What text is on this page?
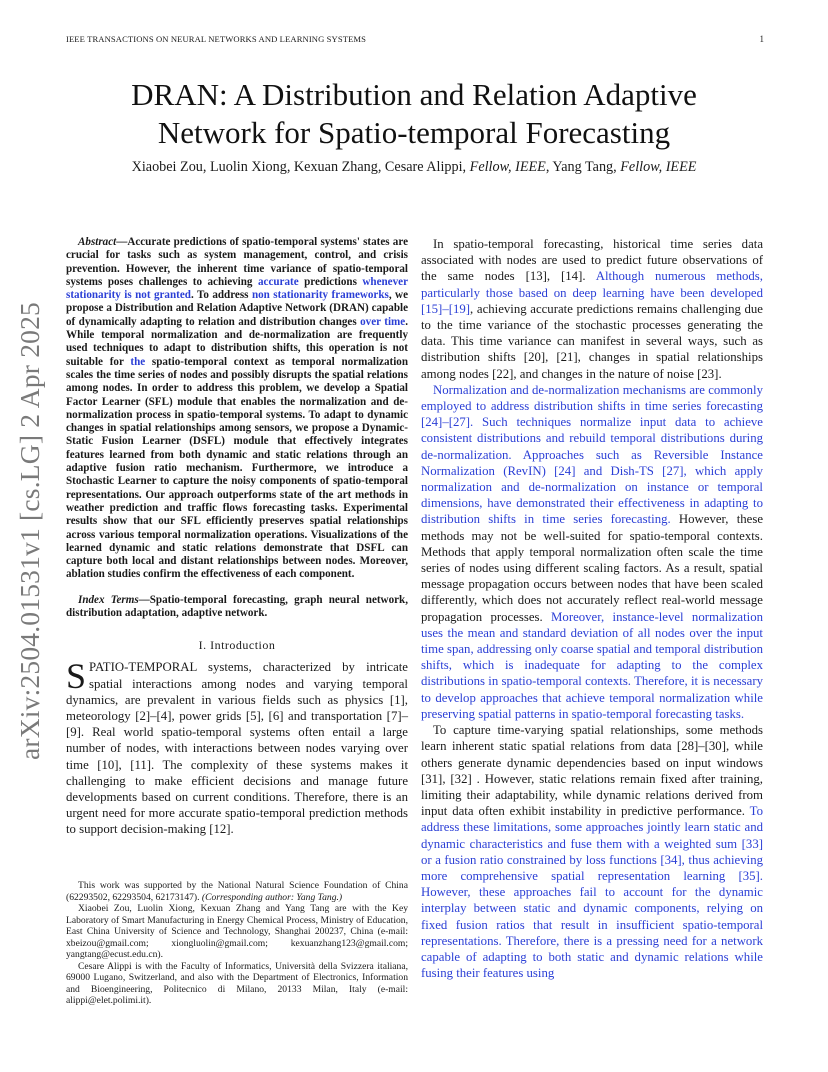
IEEE TRANSACTIONS ON NEURAL NETWORKS AND LEARNING SYSTEMS	1
arXiv:2504.01531v1 [cs.LG] 2 Apr 2025
DRAN: A Distribution and Relation Adaptive
Network for Spatio-temporal Forecasting
Xiaobei Zou, Luolin Xiong, Kexuan Zhang, Cesare Alippi, Fellow, IEEE, Yang Tang, Fellow, IEEE

Abstract—Accurate predictions of spatio-temporal systems' states are crucial for tasks such as system management, control, and crisis prevention. However, the inherent time variance of spatio-temporal systems poses challenges to achieving accurate predictions whenever stationarity is not granted. To address non stationarity frameworks, we propose a Distribution and Relation Adaptive Network (DRAN) capable of dynamically adapting to relation and distribution changes over time. While temporal normalization and de-normalization are frequently used techniques to adapt to distribution shifts, this operation is not suitable for the spatio-temporal context as temporal normalization scales the time series of nodes and possibly disrupts the spatial relations among nodes. In order to address this problem, we develop a Spatial Factor Learner (SFL) module that enables the normalization and de-normalization process in spatio-temporal systems. To adapt to dynamic changes in spatial relationships among sensors, we propose a Dynamic-Static Fusion Learner (DSFL) module that effectively integrates features learned from both dynamic and static relations through an adaptive fusion ratio mechanism. Furthermore, we introduce a Stochastic Learner to capture the noisy components of spatio-temporal representations. Our approach outperforms state of the art methods in weather prediction and traffic flows forecasting tasks. Experimental results show that our SFL efficiently preserves spatial relationships across various temporal normalization operations. Visualizations of the learned dynamic and static relations demonstrate that DSFL can capture both local and distant relationships between nodes. Moreover, ablation studies confirm the effectiveness of each component.

Index Terms—Spatio-temporal forecasting, graph neural network, distribution adaptation, adaptive network.

I. Introduction

SPATIO-TEMPORAL systems, characterized by intricate spatial interactions among nodes and varying temporal dynamics, are prevalent in various fields such as physics [1], meteorology [2]–[4], power grids [5], [6] and transportation [7]–[9]. Real world spatio-temporal systems often entail a large number of nodes, with interactions between nodes varying over time [10], [11]. The complexity of these systems makes it challenging to make efficient decisions and manage future developments based on current conditions. Therefore, there is an urgent need for more accurate spatio-temporal prediction methods to support decision-making [12].

This work was supported by the National Natural Science Foundation of China (62293502, 62293504, 62173147). (Corresponding author: Yang Tang.)

Xiaobei Zou, Luolin Xiong, Kexuan Zhang and Yang Tang are with the Key Laboratory of Smart Manufacturing in Energy Chemical Process, Ministry of Education, East China University of Science and Technology, Shanghai 200237, China (e-mail: xbeizou@gmail.com; xiongluolin@gmail.com; kexuanzhang123@gmail.com; yangtang@ecust.edu.cn).

Cesare Alippi is with the Faculty of Informatics, Università della Svizzera italiana, 69000 Lugano, Switzerland, and also with the Department of Electronics, Information and Bioengineering, Politecnico di Milano, 20133 Milan, Italy (e-mail: alippi@elet.polimi.it).

In spatio-temporal forecasting, historical time series data associated with nodes are used to predict future observations of the same nodes [13], [14]. Although numerous methods, particularly those based on deep learning have been developed [15]–[19], achieving accurate predictions remains challenging due to the time variance of the stochastic processes generating the data. This time variance can manifest in several ways, such as distribution shifts [20], [21], changes in spatial relationships among nodes [22], and changes in the nature of noise [23].

Normalization and de-normalization mechanisms are commonly employed to address distribution shifts in time series forecasting [24]–[27]. Such techniques normalize input data to achieve consistent distributions and rebuild temporal distributions during de-normalization. Approaches such as Reversible Instance Normalization (RevIN) [24] and Dish-TS [27], which apply normalization and de-normalization on instance or temporal dimensions, have demonstrated their effectiveness in adapting to distribution shifts in time series forecasting. However, these methods may not be well-suited for spatio-temporal contexts. Methods that apply temporal normalization often scale the time series of nodes using different scaling factors. As a result, spatial message propagation occurs between nodes that have been scaled differently, which does not accurately reflect real-world message propagation processes. Moreover, instance-level normalization uses the mean and standard deviation of all nodes over the input time span, addressing only coarse spatial and temporal distribution shifts, which is inadequate for adapting to the complex distributions in spatio-temporal contexts. Therefore, it is necessary to develop approaches that achieve temporal normalization while preserving spatial patterns in spatio-temporal forecasting tasks.

To capture time-varying spatial relationships, some methods learn inherent static spatial relations from data [28]–[30], while others generate dynamic dependencies based on input windows [31], [32] . However, static relations remain fixed after training, limiting their adaptability, while dynamic relations derived from input data often exhibit instability in predictive performance. To address these limitations, some approaches jointly learn static and dynamic characteristics and fuse them with a weighted sum [33] or a fusion ratio constrained by loss functions [34], thus achieving more comprehensive spatial representation learning [35]. However, these approaches fail to account for the dynamic interplay between static and dynamic components, relying on fixed fusion ratios that result in insufficient spatio-temporal representations. Therefore, there is a pressing need for a network capable of adapting to both static and dynamic relations while fusing their features using
